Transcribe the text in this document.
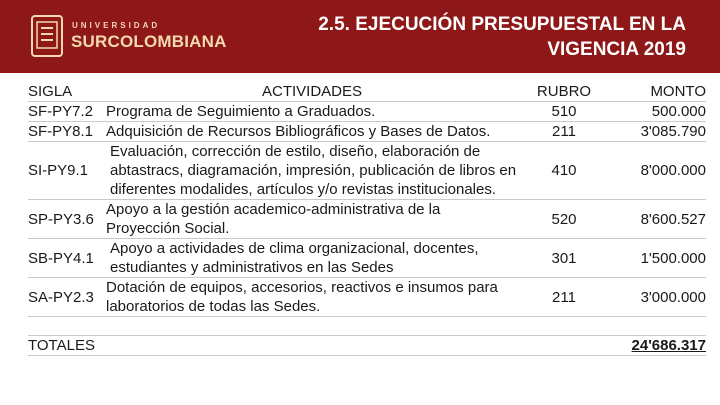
UNIVERSIDAD
SURCOLOMBIANA
2.5. EJECUCIÓN PRESUPUESTAL EN LA

VIGENCIA 2019
SIGLA	ACTIVIDADES	RUBRO	MONTO
SF-PY7.2	Programa de Seguimiento a Graduados.	510	500.000
SF-PY8.1	Adquisición de Recursos Bibliográficos y Bases de Datos.	211	3'085.790
SI-PY9.1	Evaluación, corrección de estilo, diseño, elaboración de abtastracs, diagramación, impresión, publicación de libros en diferentes modalides, artículos y/o revistas institucionales.	410	8'000.000
SP-PY3.6	Apoyo a la gestión academico-administrativa de la Proyección Social.	520	8'600.527
SB-PY4.1	Apoyo a actividades de clima organizacional, docentes, estudiantes y administrativos en las Sedes	301	1'500.000
SA-PY2.3	Dotación de equipos, accesorios, reactivos e insumos para laboratorios de todas las Sedes.	211	3'000.000

TOTALES			24'686.317
